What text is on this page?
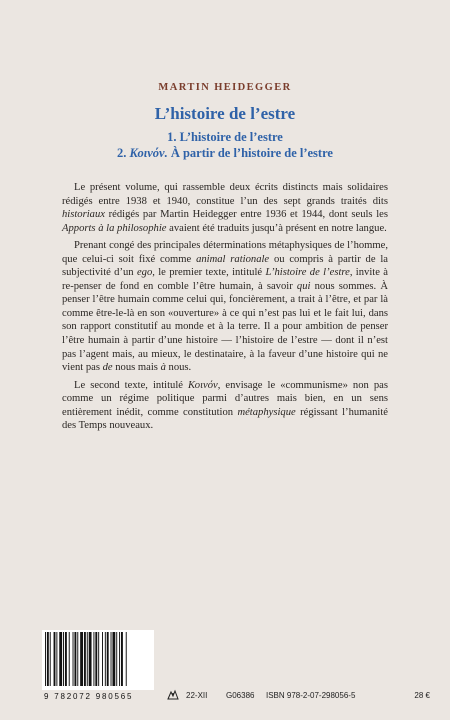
MARTIN HEIDEGGER
L’histoire de l’estre
1. L’histoire de l’estre
2. Κοινόν. À partir de l’histoire de l’estre

Le présent volume, qui rassemble deux écrits distincts mais solidaires rédigés entre 1938 et 1940, constitue l’un des sept grands traités dits historiaux rédigés par Martin Heidegger entre 1936 et 1944, dont seuls les Apports à la philosophie avaient été traduits jusqu’à présent en notre langue.

Prenant congé des principales déterminations métaphysiques de l’homme, que celui-ci soit fixé comme animal rationale ou compris à partir de la subjectivité d’un ego, le premier texte, intitulé L’histoire de l’estre, invite à re-penser de fond en comble l’être humain, à savoir qui nous sommes. À penser l’être humain comme celui qui, foncièrement, a trait à l’être, et par là comme être-le-là en son «ouverture» à ce qui n’est pas lui et le fait lui, dans son rapport constitutif au monde et à la terre. Il a pour ambition de penser l’être humain à partir d’une histoire — l’histoire de l’estre — dont il n’est pas l’agent mais, au mieux, le destinataire, à la faveur d’une histoire qui ne vient pas de nous mais à nous.

Le second texte, intitulé Κοινόν, envisage le «communisme» non pas comme un régime politique parmi d’autres mais bien, en un sens entièrement inédit, comme constitution métaphysique régissant l’humanité des Temps nouveaux.

9 782072 980565	22-XII G06386 ISBN 978-2-07-298056-5	28 €
